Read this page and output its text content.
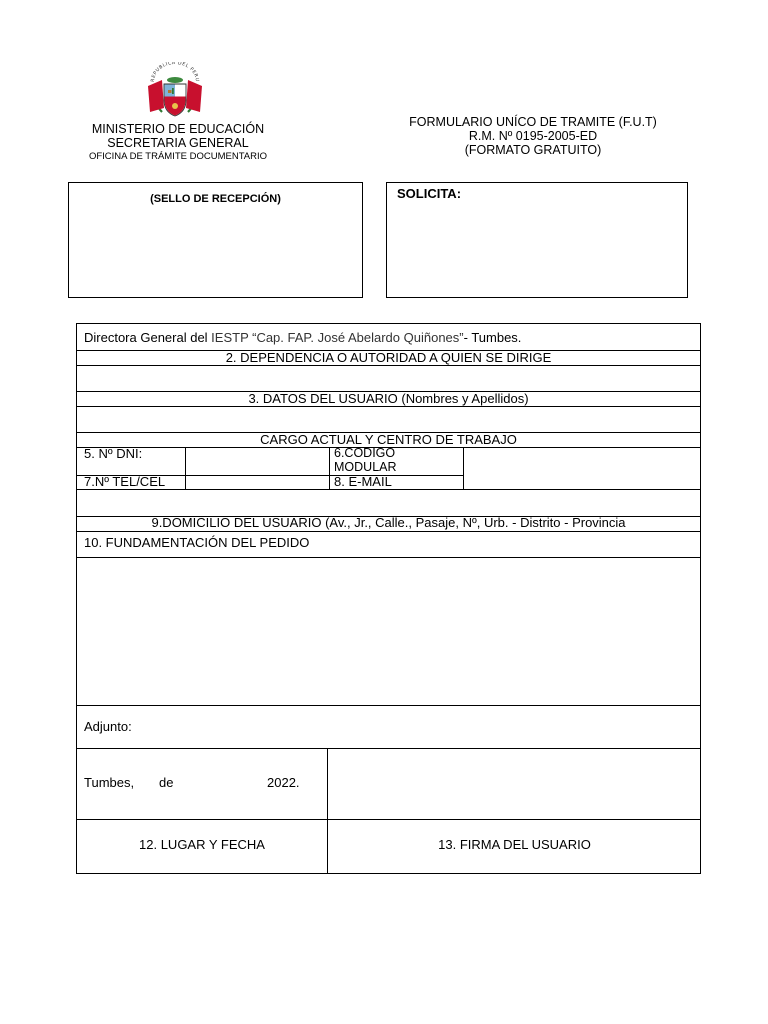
REPUBLICA DEL PERU
MINISTERIO DE EDUCACIÓN
SECRETARIA GENERAL
OFICINA DE TRÁMITE DOCUMENTARIO
FORMULARIO UNÍCO DE TRAMITE (F.U.T)
R.M. Nº 0195-2005-ED
(FORMATO GRATUITO)
(SELLO DE RECEPCIÓN)	SOLICITA:
Directora General del IESTP “Cap. FAP. José Abelardo Quiñones”- Tumbes.
2. DEPENDENCIA O AUTORIDAD A QUIEN SE DIRIGE
3. DATOS DEL USUARIO (Nombres y Apellidos)
CARGO ACTUAL Y CENTRO DE TRABAJO
5. Nº DNI:	6.CODIGO
MODULAR
7.Nº TEL/CEL	8. E-MAIL
9.DOMICILIO DEL USUARIO (Av., Jr., Calle., Pasaje, Nº, Urb. - Distrito - Provincia
10. FUNDAMENTACIÓN DEL PEDIDO
Adjunto:
Tumbes, de	2022.
12. LUGAR Y FECHA	13. FIRMA DEL USUARIO
